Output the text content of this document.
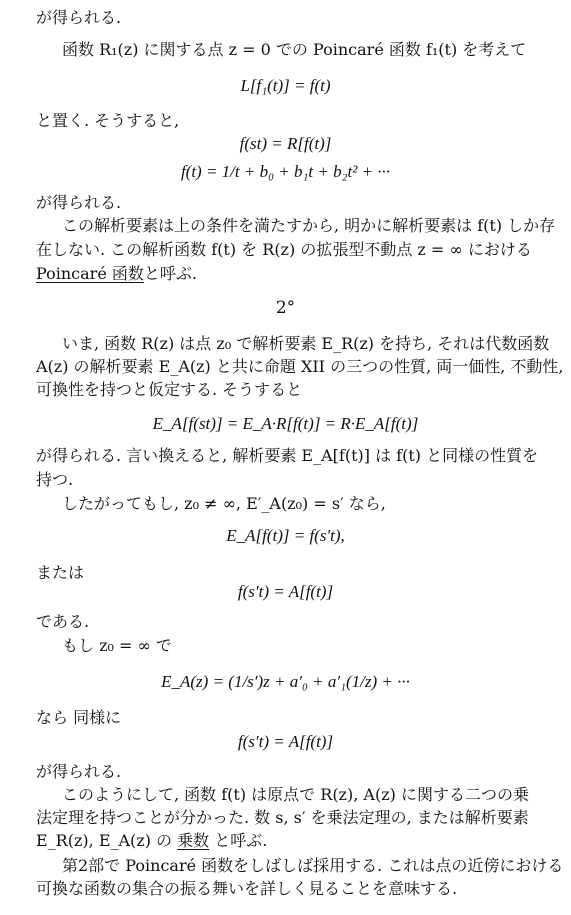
が得られる.

函数 R₁(z) に関する点 z = 0 での Poincaré 函数 f₁(t) を考えて

L[f₁(t)] = f(t)

と置く. そうすると,

f(st) = R[f(t)]

f(t) = 1/t + b₀ + b₁t + b₂t² + ···

が得られる.

この解析要素は上の条件を満たすから, 明かに解析要素は f(t) しか存

在しない. この解析函数 f(t) を R(z) の拡張型不動点 z = ∞ における

Poincaré 函数と呼ぶ.

2°

いま, 函数 R(z) は点 z₀ で解析要素 E_R(z) を持ち, それは代数函数

A(z) の解析要素 E_A(z) と共に命題 XII の三つの性質, 両一価性, 不動性,

可換性を持つと仮定する. そうすると

E_A[f(st)] = E_A·R[f(t)] = R·E_A[f(t)]

が得られる. 言い換えると, 解析要素 E_A[f(t)] は f(t) と同様の性質を

持つ.

したがってもし, z₀ ≠ ∞, E′_A(z₀) = s′ なら,

E_A[f(t)] = f(s′t),

または

f(s′t) = A[f(t)]

である.

もし z₀ = ∞ で

E_A(z) = (1/s′)z + a′₀ + a′₁(1/z) + ···

なら 同様に

f(s′t) = A[f(t)]

が得られる.

このようにして, 函数 f(t) は原点で R(z), A(z) に関する二つの乗

法定理を持つことが分かった. 数 s, s′ を乗法定理の, または解析要素

E_R(z), E_A(z) の 乗数 と呼ぶ.

第2部で Poincaré 函数をしばしば採用する. これは点の近傍における

可換な函数の集合の振る舞いを詳しく見ることを意味する.
